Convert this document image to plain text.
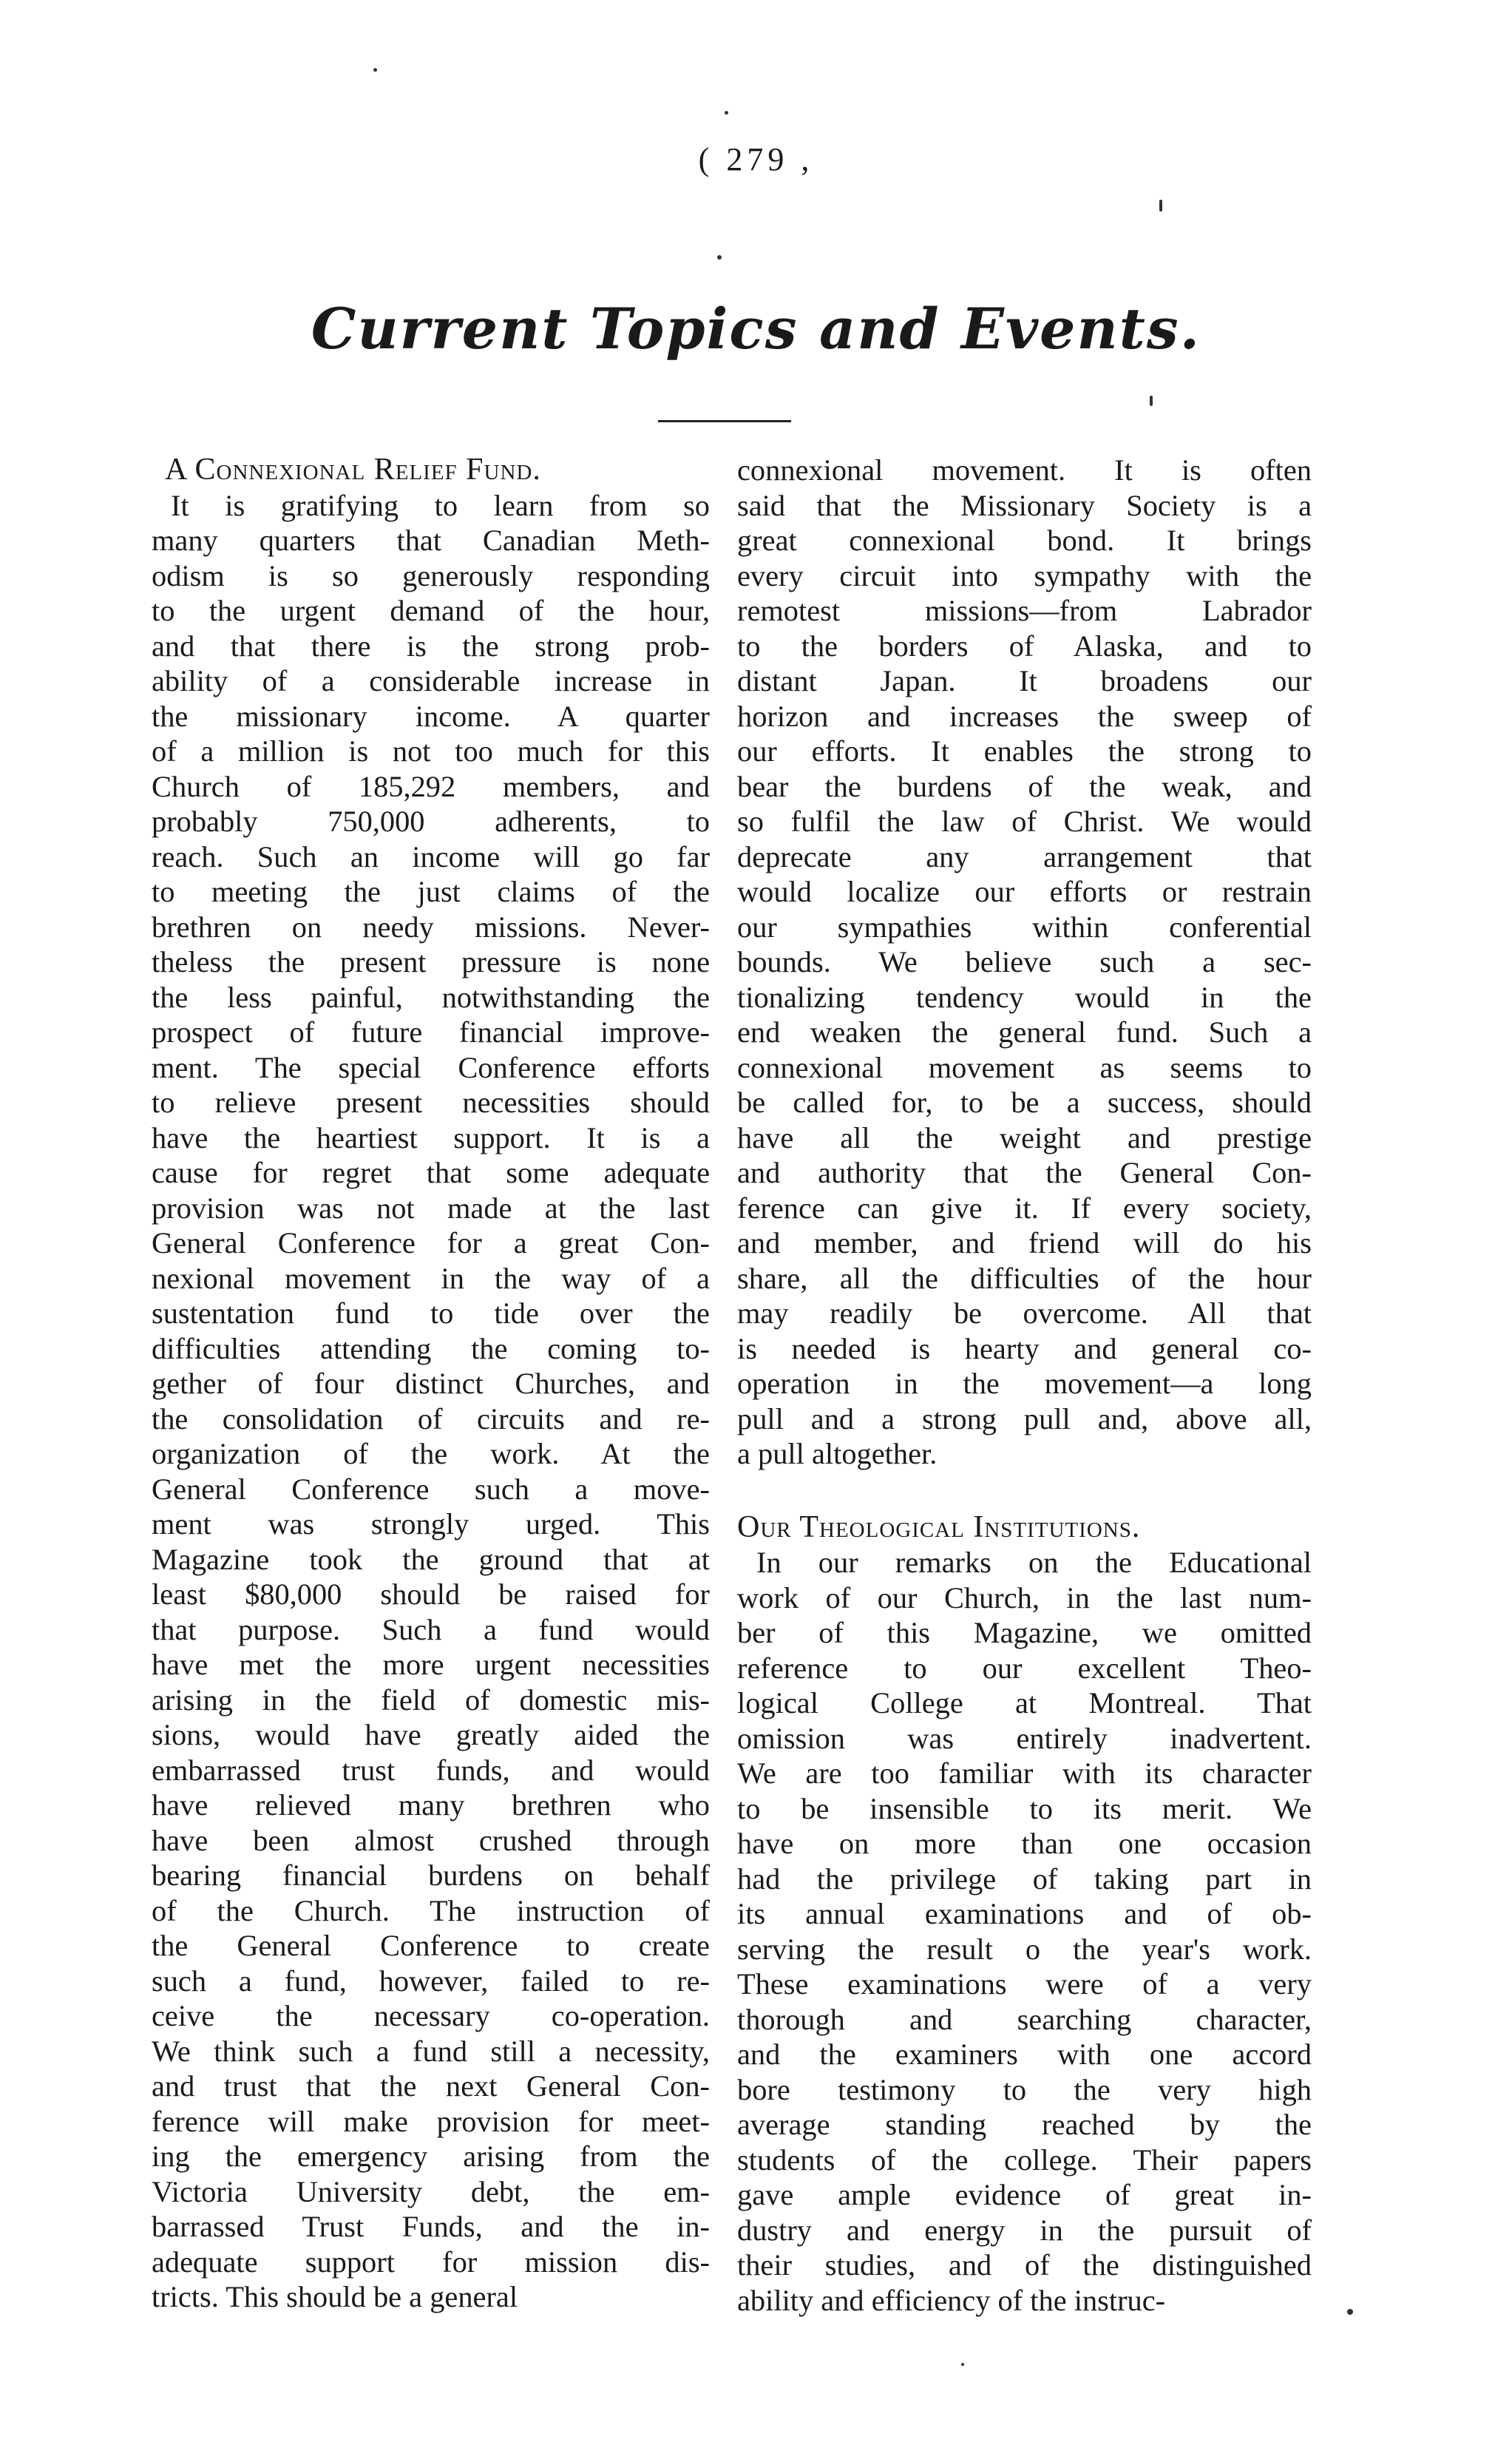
( 279 ,
Current Topics and Events.
A Connexional Relief Fund.
It is gratifying to learn from so
many quarters that Canadian Meth-
odism is so generously responding
to the urgent demand of the hour,
and that there is the strong prob-
ability of a considerable increase in
the missionary income. A quarter
of a million is not too much for this
Church of 185,292 members, and
probably 750,000 adherents, to
reach. Such an income will go far
to meeting the just claims of the
brethren on needy missions. Never-
theless the present pressure is none
the less painful, notwithstanding the
prospect of future financial improve-
ment. The special Conference efforts
to relieve present necessities should
have the heartiest support. It is a
cause for regret that some adequate
provision was not made at the last
General Conference for a great Con-
nexional movement in the way of a
sustentation fund to tide over the
difficulties attending the coming to-
gether of four distinct Churches, and
the consolidation of circuits and re-
organization of the work. At the
General Conference such a move-
ment was strongly urged. This
Magazine took the ground that at
least $80,000 should be raised for
that purpose. Such a fund would
have met the more urgent necessities
arising in the field of domestic mis-
sions, would have greatly aided the
embarrassed trust funds, and would
have relieved many brethren who
have been almost crushed through
bearing financial burdens on behalf
of the Church. The instruction of
the General Conference to create
such a fund, however, failed to re-
ceive the necessary co-operation.
We think such a fund still a necessity,
and trust that the next General Con-
ference will make provision for meet-
ing the emergency arising from the
Victoria University debt, the em-
barrassed Trust Funds, and the in-
adequate support for mission dis-
tricts. This should be a general
connexional movement. It is often
said that the Missionary Society is a
great connexional bond. It brings
every circuit into sympathy with the
remotest missions—from Labrador
to the borders of Alaska, and to
distant Japan. It broadens our
horizon and increases the sweep of
our efforts. It enables the strong to
bear the burdens of the weak, and
so fulfil the law of Christ. We would
deprecate any arrangement that
would localize our efforts or restrain
our sympathies within conferential
bounds. We believe such a sec-
tionalizing tendency would in the
end weaken the general fund. Such a
connexional movement as seems to
be called for, to be a success, should
have all the weight and prestige
and authority that the General Con-
ference can give it. If every society,
and member, and friend will do his
share, all the difficulties of the hour
may readily be overcome. All that
is needed is hearty and general co-
operation in the movement—a long
pull and a strong pull and, above all,
a pull altogether.
Our Theological Institutions.
In our remarks on the Educational
work of our Church, in the last num-
ber of this Magazine, we omitted
reference to our excellent Theo-
logical College at Montreal. That
omission was entirely inadvertent.
We are too familiar with its character
to be insensible to its merit. We
have on more than one occasion
had the privilege of taking part in
its annual examinations and of ob-
serving the result o the year's work.
These examinations were of a very
thorough and searching character,
and the examiners with one accord
bore testimony to the very high
average standing reached by the
students of the college. Their papers
gave ample evidence of great in-
dustry and energy in the pursuit of
their studies, and of the distinguished
ability and efficiency of the instruc-
